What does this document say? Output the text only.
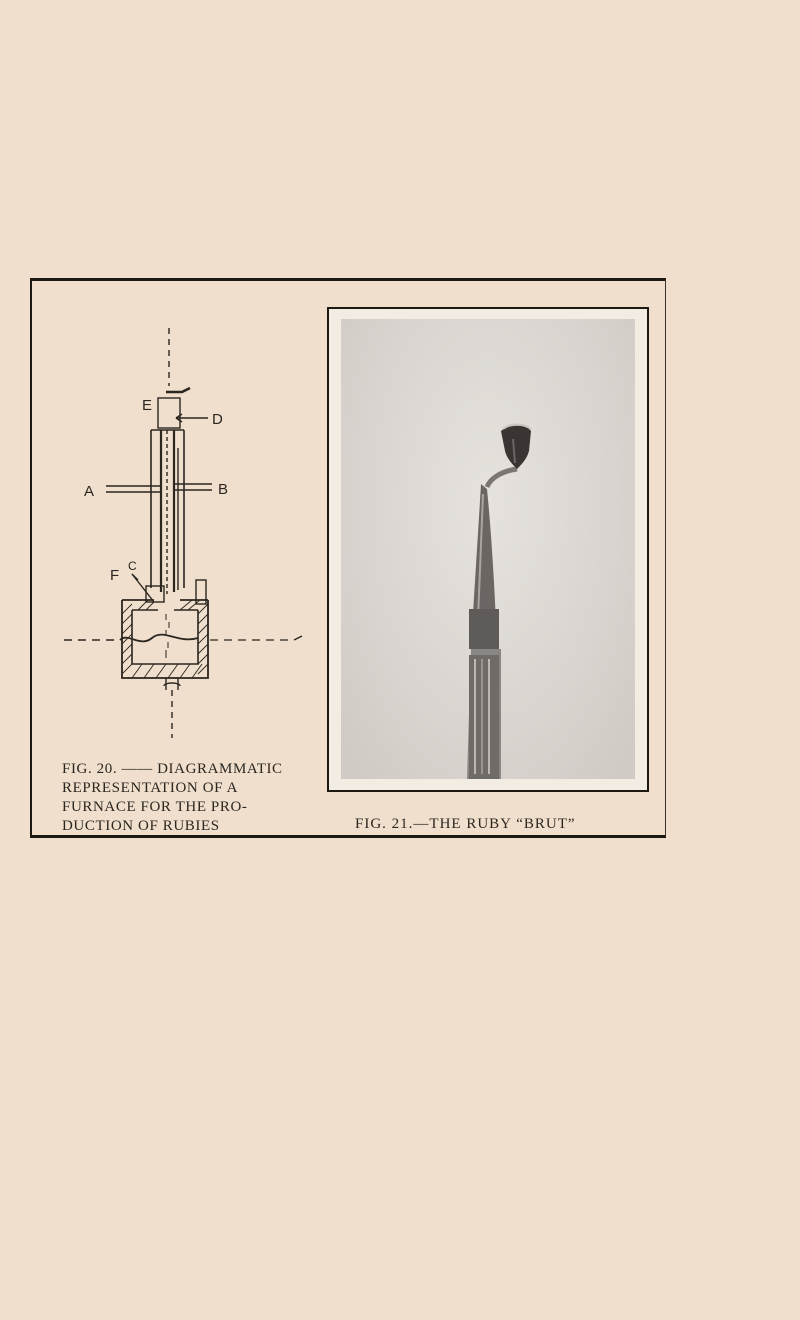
E
D
A	B
F
C
FIG. 20. —— DIAGRAMMATIC
REPRESENTATION OF A
FURNACE FOR THE PRO-
DUCTION OF RUBIES	FIG. 21.—THE RUBY “BRUT”
